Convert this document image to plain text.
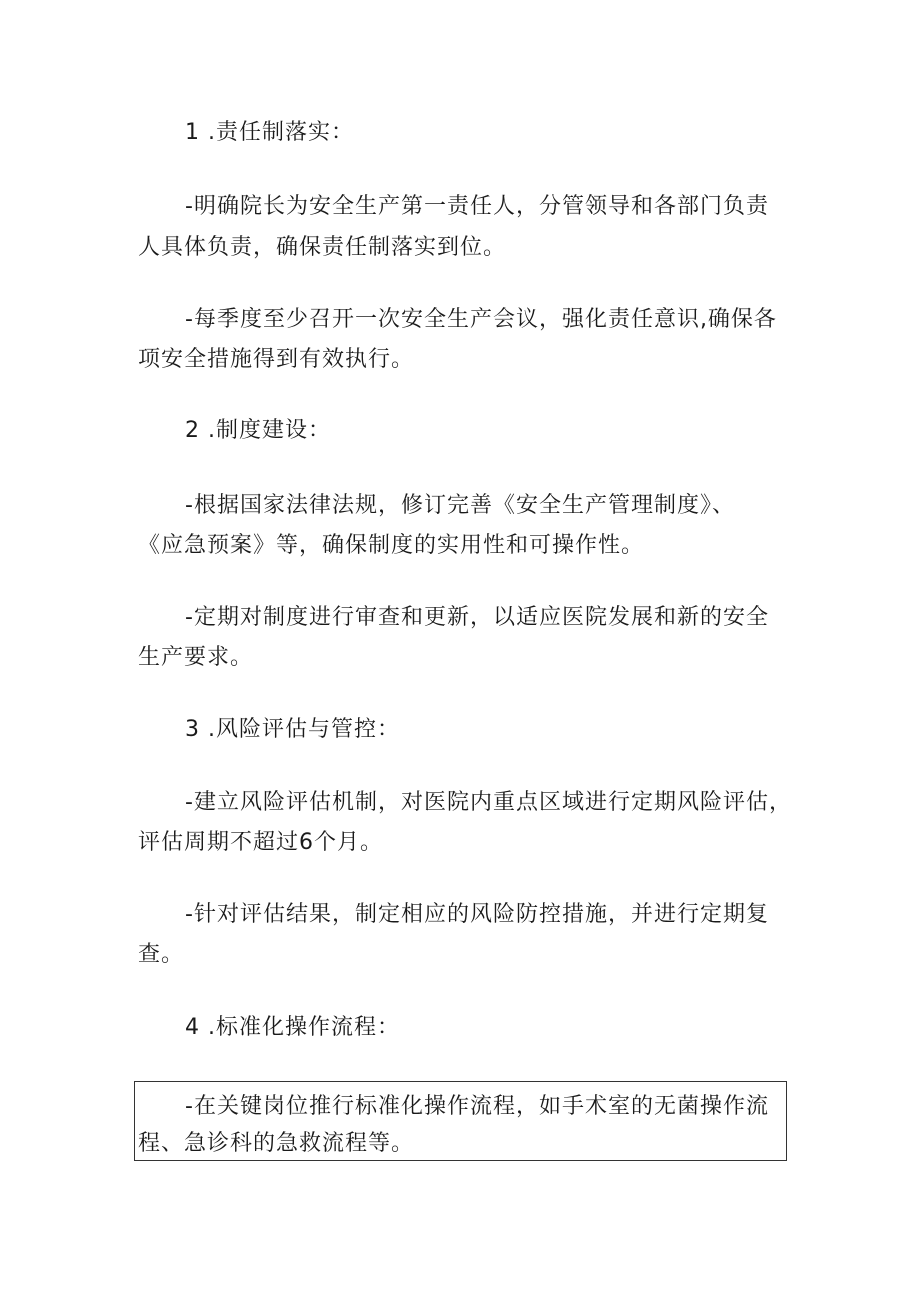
1 .责任制落实：
-明确院长为安全生产第一责任人，分管领导和各部门负责
人具体负责，确保责任制落实到位。
-每季度至少召开一次安全生产会议，强化责任意识,确保各
项安全措施得到有效执行。
2 .制度建设：
-根据国家法律法规，修订完善《安全生产管理制度》、
《应急预案》等，确保制度的实用性和可操作性。
-定期对制度进行审查和更新，以适应医院发展和新的安全
生产要求。
3 .风险评估与管控：
-建立风险评估机制，对医院内重点区域进行定期风险评估，
评估周期不超过6个月。
-针对评估结果，制定相应的风险防控措施，并进行定期复
查。
4 .标准化操作流程：
-在关键岗位推行标准化操作流程，如手术室的无菌操作流
程、急诊科的急救流程等。
